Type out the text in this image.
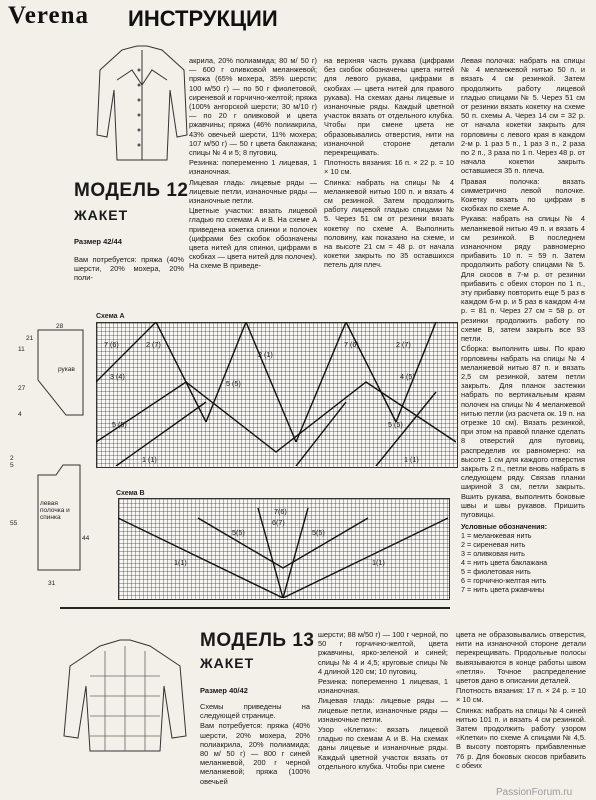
Verena ИНСТРУКЦИИ
МОДЕЛЬ 12
ЖАКЕТ
Размер 42/44
Вам потребуется: пряжа (40% шерсти, 20% мохера, 20% поли-

акрила, 20% полиамида; 80 м/ 50 г) — 600 г оливковой меланжевой; пряжа (65% мохера, 35% шерсти; 100 м/50 г) — по 50 г фиолетовой, сиреневой и горчично-желтой; пряжа (100% ангорской шерсти; 30 м/10 г) — по 20 г оливковой и цвета ржавчины; пряжа (46% полиакрила, 43% овечьей шерсти, 11% мохера; 107 м/50 г) — 50 г цвета баклажана; спицы № 4 и 5; 8 пуговиц.

Резинка: попеременно 1 лицевая, 1 изнаночная.

Лицевая гладь: лицевые ряды — лицевые петли, изнаночные ряды — изнаночные петли.

Цветные участки: вязать лицевой гладью по схемам А и В. На схеме А приведена кокетка спинки и полочек (цифрами без скобок обозначены цвета нитей для спинки, цифрами в скобках — цвета нитей для полочек). На схеме В приведе-

на верхняя часть рукава (цифрами без скобок обозначены цвета нитей для левого рукава, цифрами в скобках — цвета нитей для правого рукава). На схемах даны лицевые и изнаночные ряды. Каждый цветной участок вязать от отдельного клубка. Чтобы при смене цвета не образовывались отверстия, нити на изнаночной стороне детали перекрещивать.

Плотность вязания: 16 п. × 22 р. = 10 × 10 см.

Спинка: набрать на спицы № 4 меланжевой нитью 100 п. и вязать 4 см резинкой. Затем продолжить работу лицевой гладью спицами № 5. Через 51 см от резинки вязать кокетку по схеме А. Выполнить половину, как показано на схеме, и на высоте 21 см = 48 р. от начала кокетки закрыть по 35 оставшихся петель для плеч.

Левая полочка: набрать на спицы № 4 меланжевой нитью 50 п. и вязать 4 см резинкой. Затем продолжить работу лицевой гладью спицами № 5. Через 51 см от резинки вязать кокетку на схеме 50 п. схемы А. Через 14 см = 32 р. от начала кокетки закрыть для горловины с левого края в каждом 2-м р. 1 раз 5 п., 1 раз 3 п., 2 раза по 2 п., 3 раза по 1 п. Через 48 р. от начала кокетки закрыть оставшиеся 35 п. плеча.

Правая полочка: вязать симметрично левой полочке. Кокетку вязать по цифрам в скобках по схеме А.

Рукава: набрать на спицы № 4 меланжевой нитью 49 п. и вязать 4 см резинкой. В последнем изнаночном ряду равномерно прибавить 10 п. = 59 п. Затем продолжить работу спицами № 5. Для скосов в 7-м р. от резинки прибавить с обеих сторон по 1 п., эту прибавку повторить еще 5 раз в каждом 6-м р. и 5 раз в каждом 4-м р. = 81 п. Через 27 см = 58 р. от резинки продолжить работу по схеме В, затем закрыть все 93 петли.

Сборка: выполнить швы. По краю горловины набрать на спицы № 4 меланжевой нитью 87 п. и вязать 2,5 см резинкой, затем петли закрыть. Для планок застежки набрать по вертикальным краям полочек на спицы № 4 меланжевой нитью петли (из расчета ок. 19 п. на отрезке 10 см). Вязать резинкой, при этом на правой планке сделать 8 отверстий для пуговиц, распределив их равномерно: на высоте 1 см для каждого отверстия закрыть 2 п., петли вновь набрать в следующем ряду. Связав планки шириной 3 см, петли закрыть. Вшить рукава, выполнить боковые швы и швы рукавов. Пришить пуговицы.

Условные обозначения:
1 = меланжевая нить
2 = сиреневая нить
3 = оливковая нить
4 = нить цвета баклажана
5 = фиолетовая нить
6 = горчично-желтая нить
7 = нить цвета ржавчины
28
21
11
рукав
27
4
2
5
55
44
31
левая полочка и спинка
Схема А
7 (6)	2 (7)	7 (6)	2 (7)
3 (4)
2 (1)
4 (5)
5 (5)
5 (5)
5 (5)
1 (1)	1 (1)
Схема В
7(6)
6(7)
5(5)	5(5)
1(1)	1(1)
МОДЕЛЬ 13
ЖАКЕТ
Размер 40/42

Схемы приведены на следующей странице.

Вам потребуется: пряжа (40% шерсти, 20% мохера, 20% полиакрила, 20% полиамида; 80 м/ 50 г) — 800 г синей меланжевой, 200 г черной меланжевой; пряжа (100% овечьей

шерсти; 88 м/50 г) — 100 г черной, по 50 г горчично-желтой, цвета ржавчины, ярко-зеленой и синей; спицы № 4 и 4,5; круговые спицы № 4 длиной 120 см; 10 пуговиц.

Резинка: попеременно 1 лицевая, 1 изнаночная.

Лицевая гладь: лицевые ряды — лицевые петли, изнаночные ряды — изнаночные петли.

Узор «Клетки»: вязать лицевой гладью по схемам А и В. На схемах даны лицевые и изнаночные ряды. Каждый цветной участок вязать от отдельного клубка. Чтобы при смене

цвета не образовывались отверстия, нити на изнаночной стороне детали перекрещивать. Продольные полосы вывязываются в конце работы швом «петля». Точное распределение цветов дано в описании деталей.

Плотность вязания: 17 п. × 24 р. = 10 × 10 см.

Спинка: набрать на спицы № 4 синей нитью 101 п. и вязать 4 см резинкой. Затем продолжить работу узором «Клетки» по схеме А спицами № 4,5. В высоту повторять прибавленные 76 р. Для боковых скосов прибавить с обеих

PassionForum.ru
